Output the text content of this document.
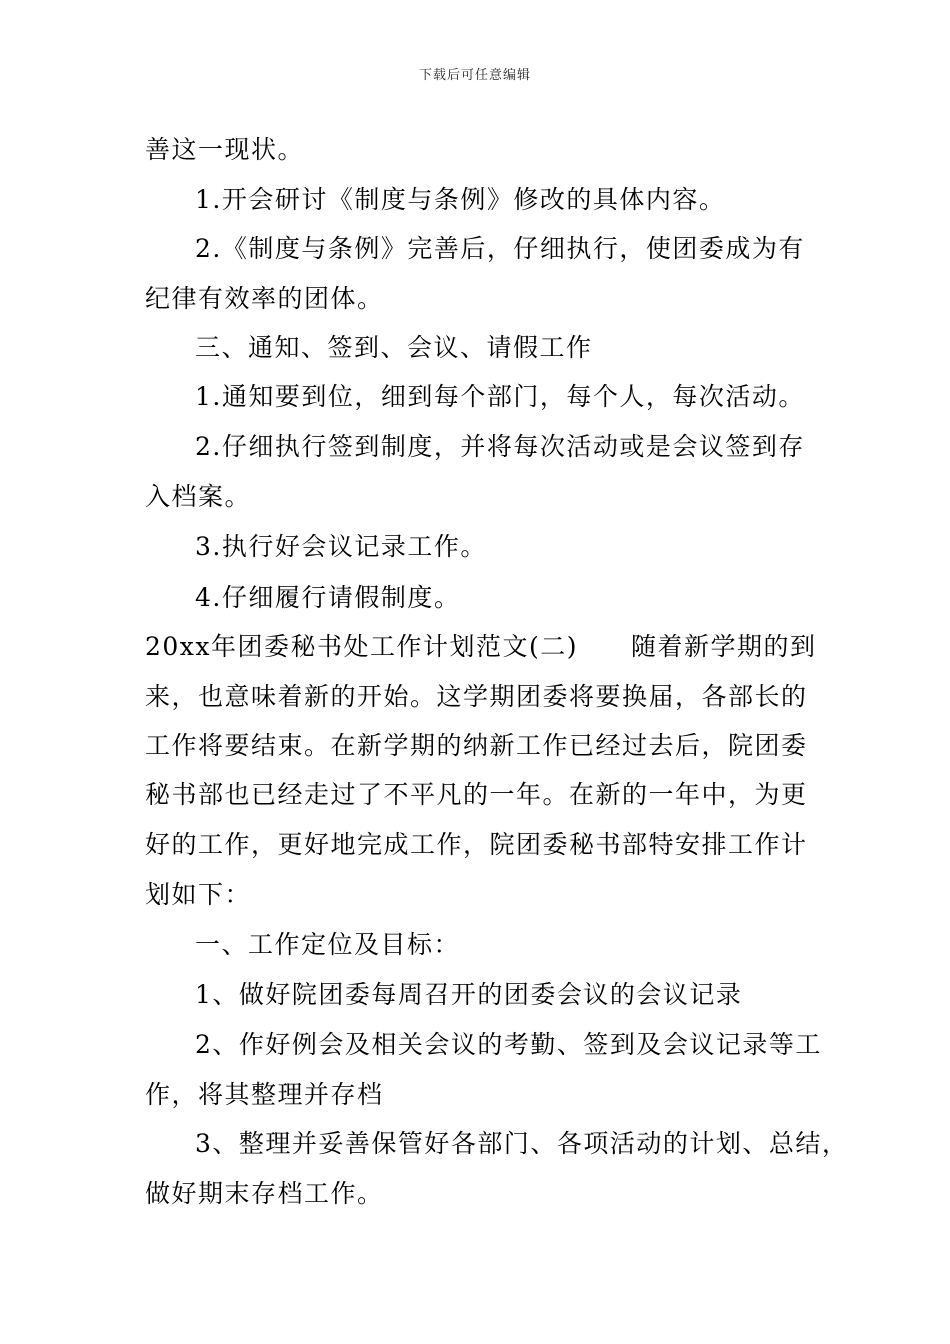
下载后可任意编辑
善这一现状。
1.开会研讨《制度与条例》修改的具体内容。
2.《制度与条例》完善后，仔细执行，使团委成为有
纪律有效率的团体。
三、通知、签到、会议、请假工作
1.通知要到位，细到每个部门，每个人，每次活动。
2.仔细执行签到制度，并将每次活动或是会议签到存
入档案。
3.执行好会议记录工作。
4.仔细履行请假制度。
20xx年团委秘书处工作计划范文(二)　　随着新学期的到
来，也意味着新的开始。这学期团委将要换届，各部长的
工作将要结束。在新学期的纳新工作已经过去后，院团委
秘书部也已经走过了不平凡的一年。在新的一年中，为更
好的工作，更好地完成工作，院团委秘书部特安排工作计
划如下：
一、工作定位及目标：
1、做好院团委每周召开的团委会议的会议记录
2、作好例会及相关会议的考勤、签到及会议记录等工
作，将其整理并存档
3、整理并妥善保管好各部门、各项活动的计划、总结，
做好期末存档工作。
